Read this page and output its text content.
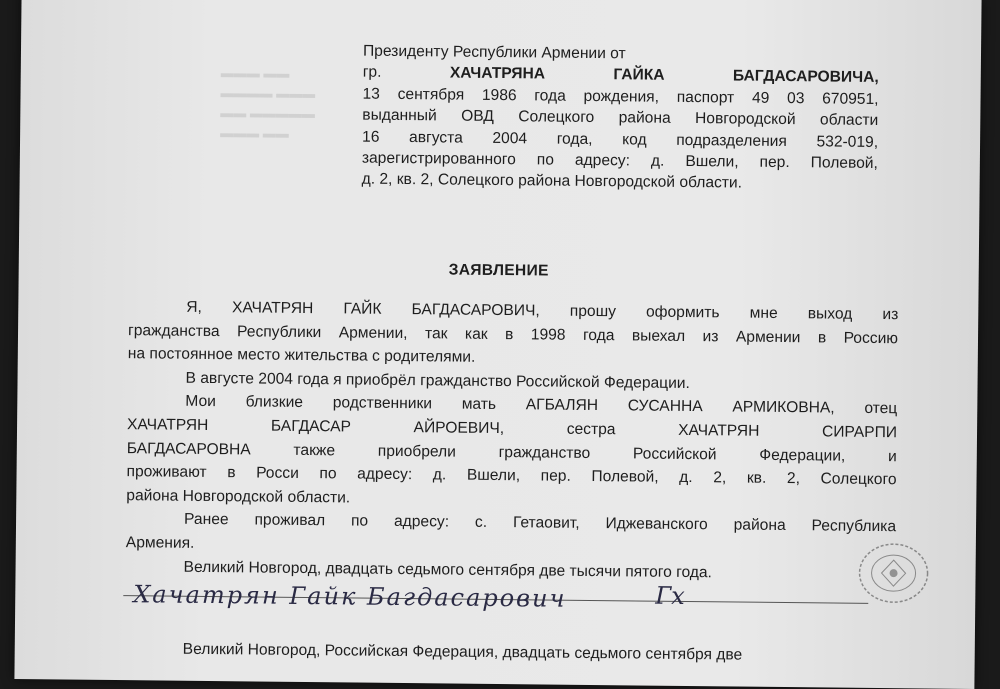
▬▬▬ ▬▬
▬▬▬▬ ▬▬▬
▬▬ ▬▬▬▬▬
▬▬▬ ▬▬
Президенту Республики Армении от
гр.	ХАЧАТРЯНА	ГАЙКА	БАГДАСАРОВИЧА,
13 сентября 1986 года рождения, паспорт 49 03 670951,
выданный ОВД Солецкого района Новгородской области
16 августа 2004 года, код подразделения 532-019,
зарегистрированного по адресу: д. Вшели, пер. Полевой,
д. 2, кв. 2, Солецкого района Новгородской области.
ЗАЯВЛЕНИЕ
Я, ХАЧАТРЯН ГАЙК БАГДАСАРОВИЧ, прошу оформить мне выход из
гражданства Республики Армении, так как в 1998 года выехал из Армении в Россию
на постоянное место жительства с родителями.
В августе 2004 года я приобрёл гражданство Российской Федерации.
Мои близкие родственники мать АГБАЛЯН СУСАННА АРМИКОВНА, отец
ХАЧАТРЯН БАГДАСАР АЙРОЕВИЧ, сестра ХАЧАТРЯН СИРАРПИ
БАГДАСАРОВНА также приобрели гражданство Российской Федерации, и
проживают в Росси по адресу: д. Вшели, пер. Полевой, д. 2, кв. 2, Солецкого
района Новгородской области.
Ранее проживал по адресу: с. Гетаовит, Иджеванского района Республика
Армения.
Великий Новгород, двадцать седьмого сентября две тысячи пятого года.
Хачатрян Гайк Багдасарович	Гх
Великий Новгород, Российская Федерация, двадцать седьмого сентября две
